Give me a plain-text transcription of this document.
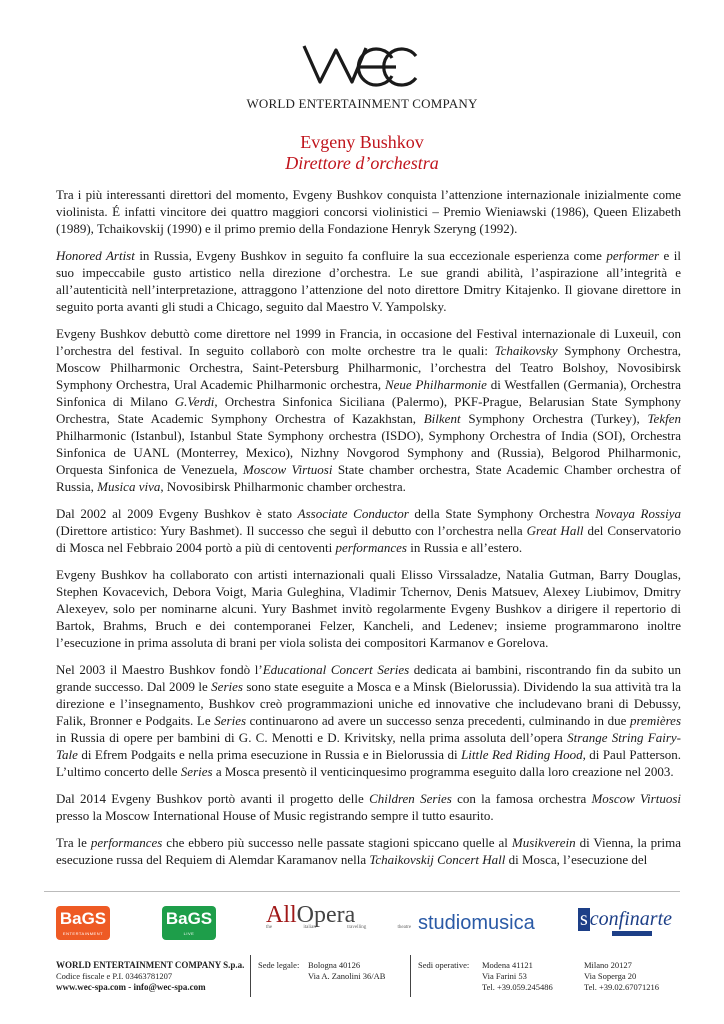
WORLD ENTERTAINMENT COMPANY
Evgeny Bushkov
Direttore d’orchestra

Tra i più interessanti direttori del momento, Evgeny Bushkov conquista l’attenzione internazionale inizialmente come violinista. É infatti vincitore dei quattro maggiori concorsi violinistici – Premio Wieniawski (1986), Queen Elizabeth (1989), Tchaikovskij (1990) e il primo premio della Fondazione Henryk Szeryng (1992).

Honored Artist in Russia, Evgeny Bushkov in seguito fa confluire la sua eccezionale esperienza come performer e il suo impeccabile gusto artistico nella direzione d’orchestra. Le sue grandi abilità, l’aspirazione all’integrità e all’autenticità nell’interpretazione, attraggono l’attenzione del noto direttore Dmitry Kitajenko. Il giovane direttore in seguito porta avanti gli studi a Chicago, seguito dal Maestro V. Yampolsky.

Evgeny Bushkov debuttò come direttore nel 1999 in Francia, in occasione del Festival internazionale di Luxeuil, con l’orchestra del festival. In seguito collaborò con molte orchestre tra le quali: Tchaikovsky Symphony Orchestra, Moscow Philharmonic Orchestra, Saint-Petersburg Philharmonic, l’orchestra del Teatro Bolshoy, Novosibirsk Symphony Orchestra, Ural Academic Philharmonic orchestra, Neue Philharmonie di Westfallen (Germania), Orchestra Sinfonica di Milano G.Verdi, Orchestra Sinfonica Siciliana (Palermo), PKF-Prague, Belarusian State Symphony Orchestra, State Academic Symphony Orchestra of Kazakhstan, Bilkent Symphony Orchestra (Turkey), Tekfen Philharmonic (Istanbul), Istanbul State Symphony orchestra (ISDO), Symphony Orchestra of India (SOI), Orchestra Sinfonica de UANL (Monterrey, Mexico), Nizhny Novgorod Symphony and (Russia), Belgorod Philharmonic, Orquesta Sinfonica de Venezuela, Moscow Virtuosi State chamber orchestra, State Academic Chamber orchestra of Russia, Musica viva, Novosibirsk Philharmonic chamber orchestra.

Dal 2002 al 2009 Evgeny Bushkov è stato Associate Conductor della State Symphony Orchestra Novaya Rossiya (Direttore artistico: Yury Bashmet). Il successo che seguì il debutto con l’orchestra nella Great Hall del Conservatorio di Mosca nel Febbraio 2004 portò a più di centoventi performances in Russia e all’estero.

Evgeny Bushkov ha collaborato con artisti internazionali quali Elisso Virssaladze, Natalia Gutman, Barry Douglas, Stephen Kovacevich, Debora Voigt, Maria Guleghina, Vladimir Tchernov, Denis Matsuev, Alexey Liubimov, Dmitry Alexeyev, solo per nominarne alcuni. Yury Bashmet invitò regolarmente Evgeny Bushkov a dirigere il repertorio di Bartok, Brahms, Bruch e dei contemporanei Felzer, Kancheli, and Ledenev; insieme programmarono inoltre l’esecuzione in prima assoluta di brani per viola solista dei compositori Karmanov e Gorelova.

Nel 2003 il Maestro Bushkov fondò l’Educational Concert Series dedicata ai bambini, riscontrando fin da subito un grande successo. Dal 2009 le Series sono state eseguite a Mosca e a Minsk (Bielorussia). Dividendo la sua attività tra la direzione e l’insegnamento, Bushkov creò programmazioni uniche ed innovative che includevano brani di Debussy, Falik, Bronner e Podgaits. Le Series continuarono ad avere un successo senza precedenti, culminando in due premières in Russia di opere per bambini di G. C. Menotti e D. Krivitsky, nella prima assoluta dell’opera Strange String Fairy-Tale di Efrem Podgaits e nella prima esecuzione in Russia e in Bielorussia di Little Red Riding Hood, di Paul Patterson. L’ultimo concerto delle Series a Mosca presentò il venticinquesimo programma eseguito dalla loro creazione nel 2003.

Dal 2014 Evgeny Bushkov portò avanti il progetto delle Children Series con la famosa orchestra Moscow Virtuosi presso la Moscow International House of Music registrando sempre il tutto esaurito.

Tra le performances che ebbero più successo nelle passate stagioni spiccano quelle al Musikverein di Vienna, la prima esecuzione russa del Requiem di Alemdar Karamanov nella Tchaikovskij Concert Hall di Mosca, l’esecuzione del

BaGS
ENTERTAINMENT
BaGS
LIVE
AllOpera
the italian travelling theatre studiomusica s confinarte
WORLD ENTERTAINMENT COMPANY S.p.a.
Codice fiscale e P.I. 03463781207
www.wec-spa.com - info@wec-spa.com
Sede legale: Bologna 40126
Via A. Zanolini 36/AB
Sedi operative: Modena 41121
Via Farini 53
Tel. +39.059.245486
Milano 20127
Via Soperga 20
Tel. +39.02.67071216
